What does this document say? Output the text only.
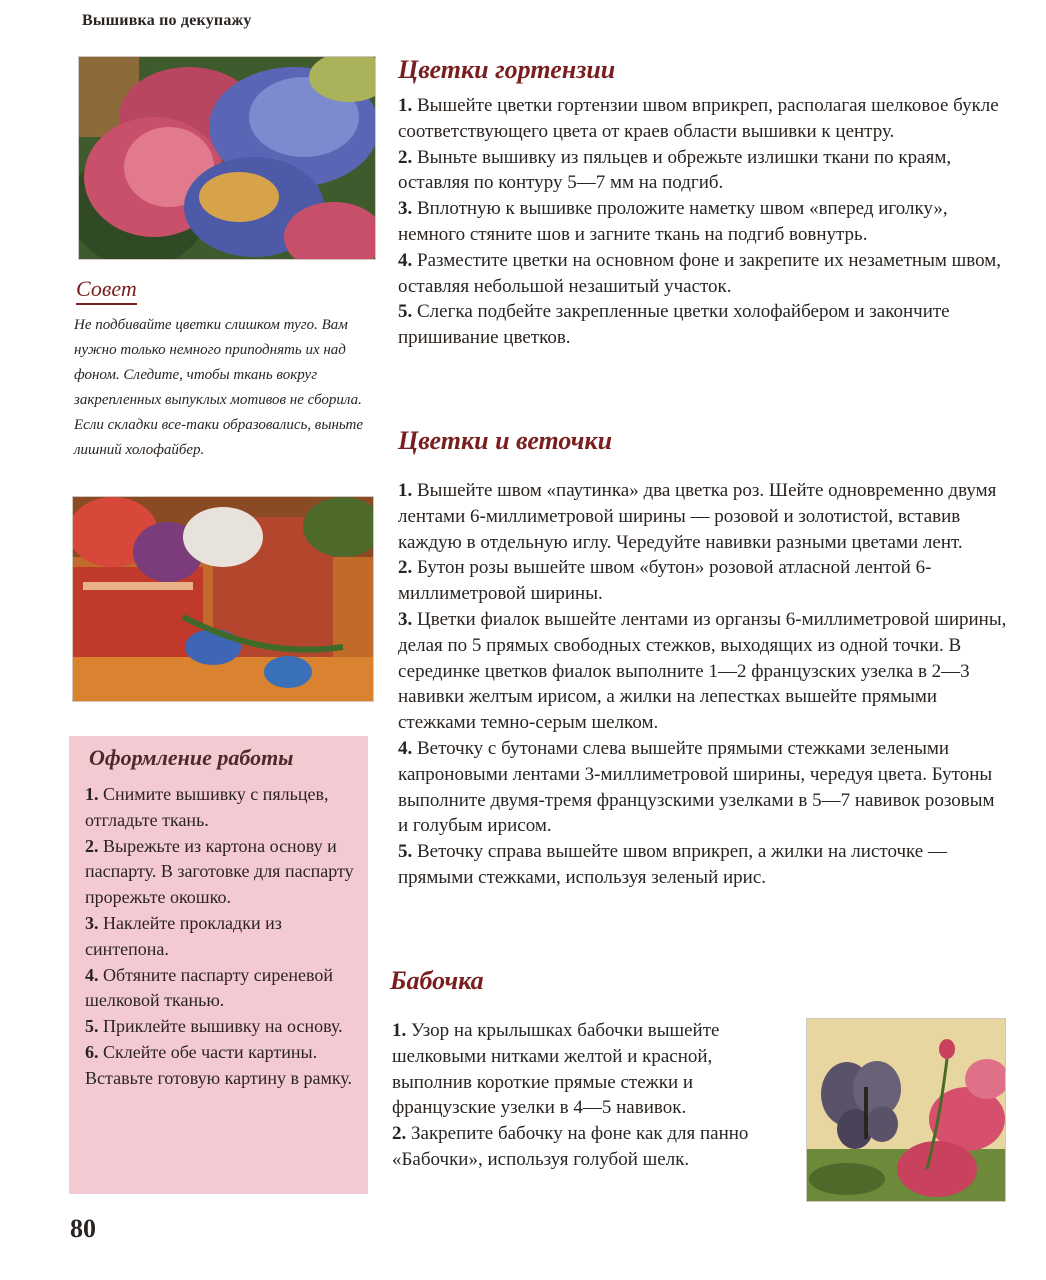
Вышивка по декупажу
Совет

Не подбивайте цветки слишком туго. Вам нужно только немного приподнять их над фоном. Следите, чтобы ткань вокруг закрепленных выпуклых мотивов не сборила. Если складки все-таки образовались, выньте лишний холофайбер.

Оформление работы
1. Снимите вышивку с пяльцев, отгладьте ткань.
2. Вырежьте из картона основу и паспарту. В заготовке для паспарту прорежьте окошко.
3. Наклейте прокладки из синтепона.
4. Обтяните паспарту сиреневой шелковой тканью.
5. Приклейте вышивку на основу.
6. Склейте обе части картины. Вставьте готовую картину в рамку.
Цветки гортензии
1. Вышейте цветки гортензии швом вприкреп, располагая шелковое букле соответствующего цвета от краев области вышивки к центру.
2. Выньте вышивку из пяльцев и обрежьте излишки ткани по краям, оставляя по контуру 5—7 мм на подгиб.
3. Вплотную к вышивке проложите наметку швом «вперед иголку», немного стяните шов и загните ткань на подгиб вовнутрь.
4. Разместите цветки на основном фоне и закрепите их незаметным швом, оставляя небольшой незашитый участок.
5. Слегка подбейте закрепленные цветки холофайбером и закончите пришивание цветков.
Цветки и веточки
1. Вышейте швом «паутинка» два цветка роз. Шейте одновременно двумя лентами 6-миллиметровой ширины — розовой и золотистой, вставив каждую в отдельную иглу. Чередуйте навивки разными цветами лент.
2. Бутон розы вышейте швом «бутон» розовой атласной лентой 6-миллиметровой ширины.
3. Цветки фиалок вышейте лентами из органзы 6-миллиметровой ширины, делая по 5 прямых свободных стежков, выходящих из одной точки. В серединке цветков фиалок выполните 1—2 французских узелка в 2—3 навивки желтым ирисом, а жилки на лепестках вышейте прямыми стежками темно-серым шелком.
4. Веточку с бутонами слева вышейте прямыми стежками зелеными капроновыми лентами 3-миллиметровой ширины, чередуя цвета. Бутоны выполните двумя-тремя французскими узелками в 5—7 навивок розовым и голубым ирисом.
5. Веточку справа вышейте швом вприкреп, а жилки на листочке — прямыми стежками, используя зеленый ирис.
Бабочка
1. Узор на крылышках бабочки вышейте шелковыми нитками желтой и красной, выполнив короткие прямые стежки и французские узелки в 4—5 навивок.
2. Закрепите бабочку на фоне как для панно «Бабочки», используя голубой шелк.
80
